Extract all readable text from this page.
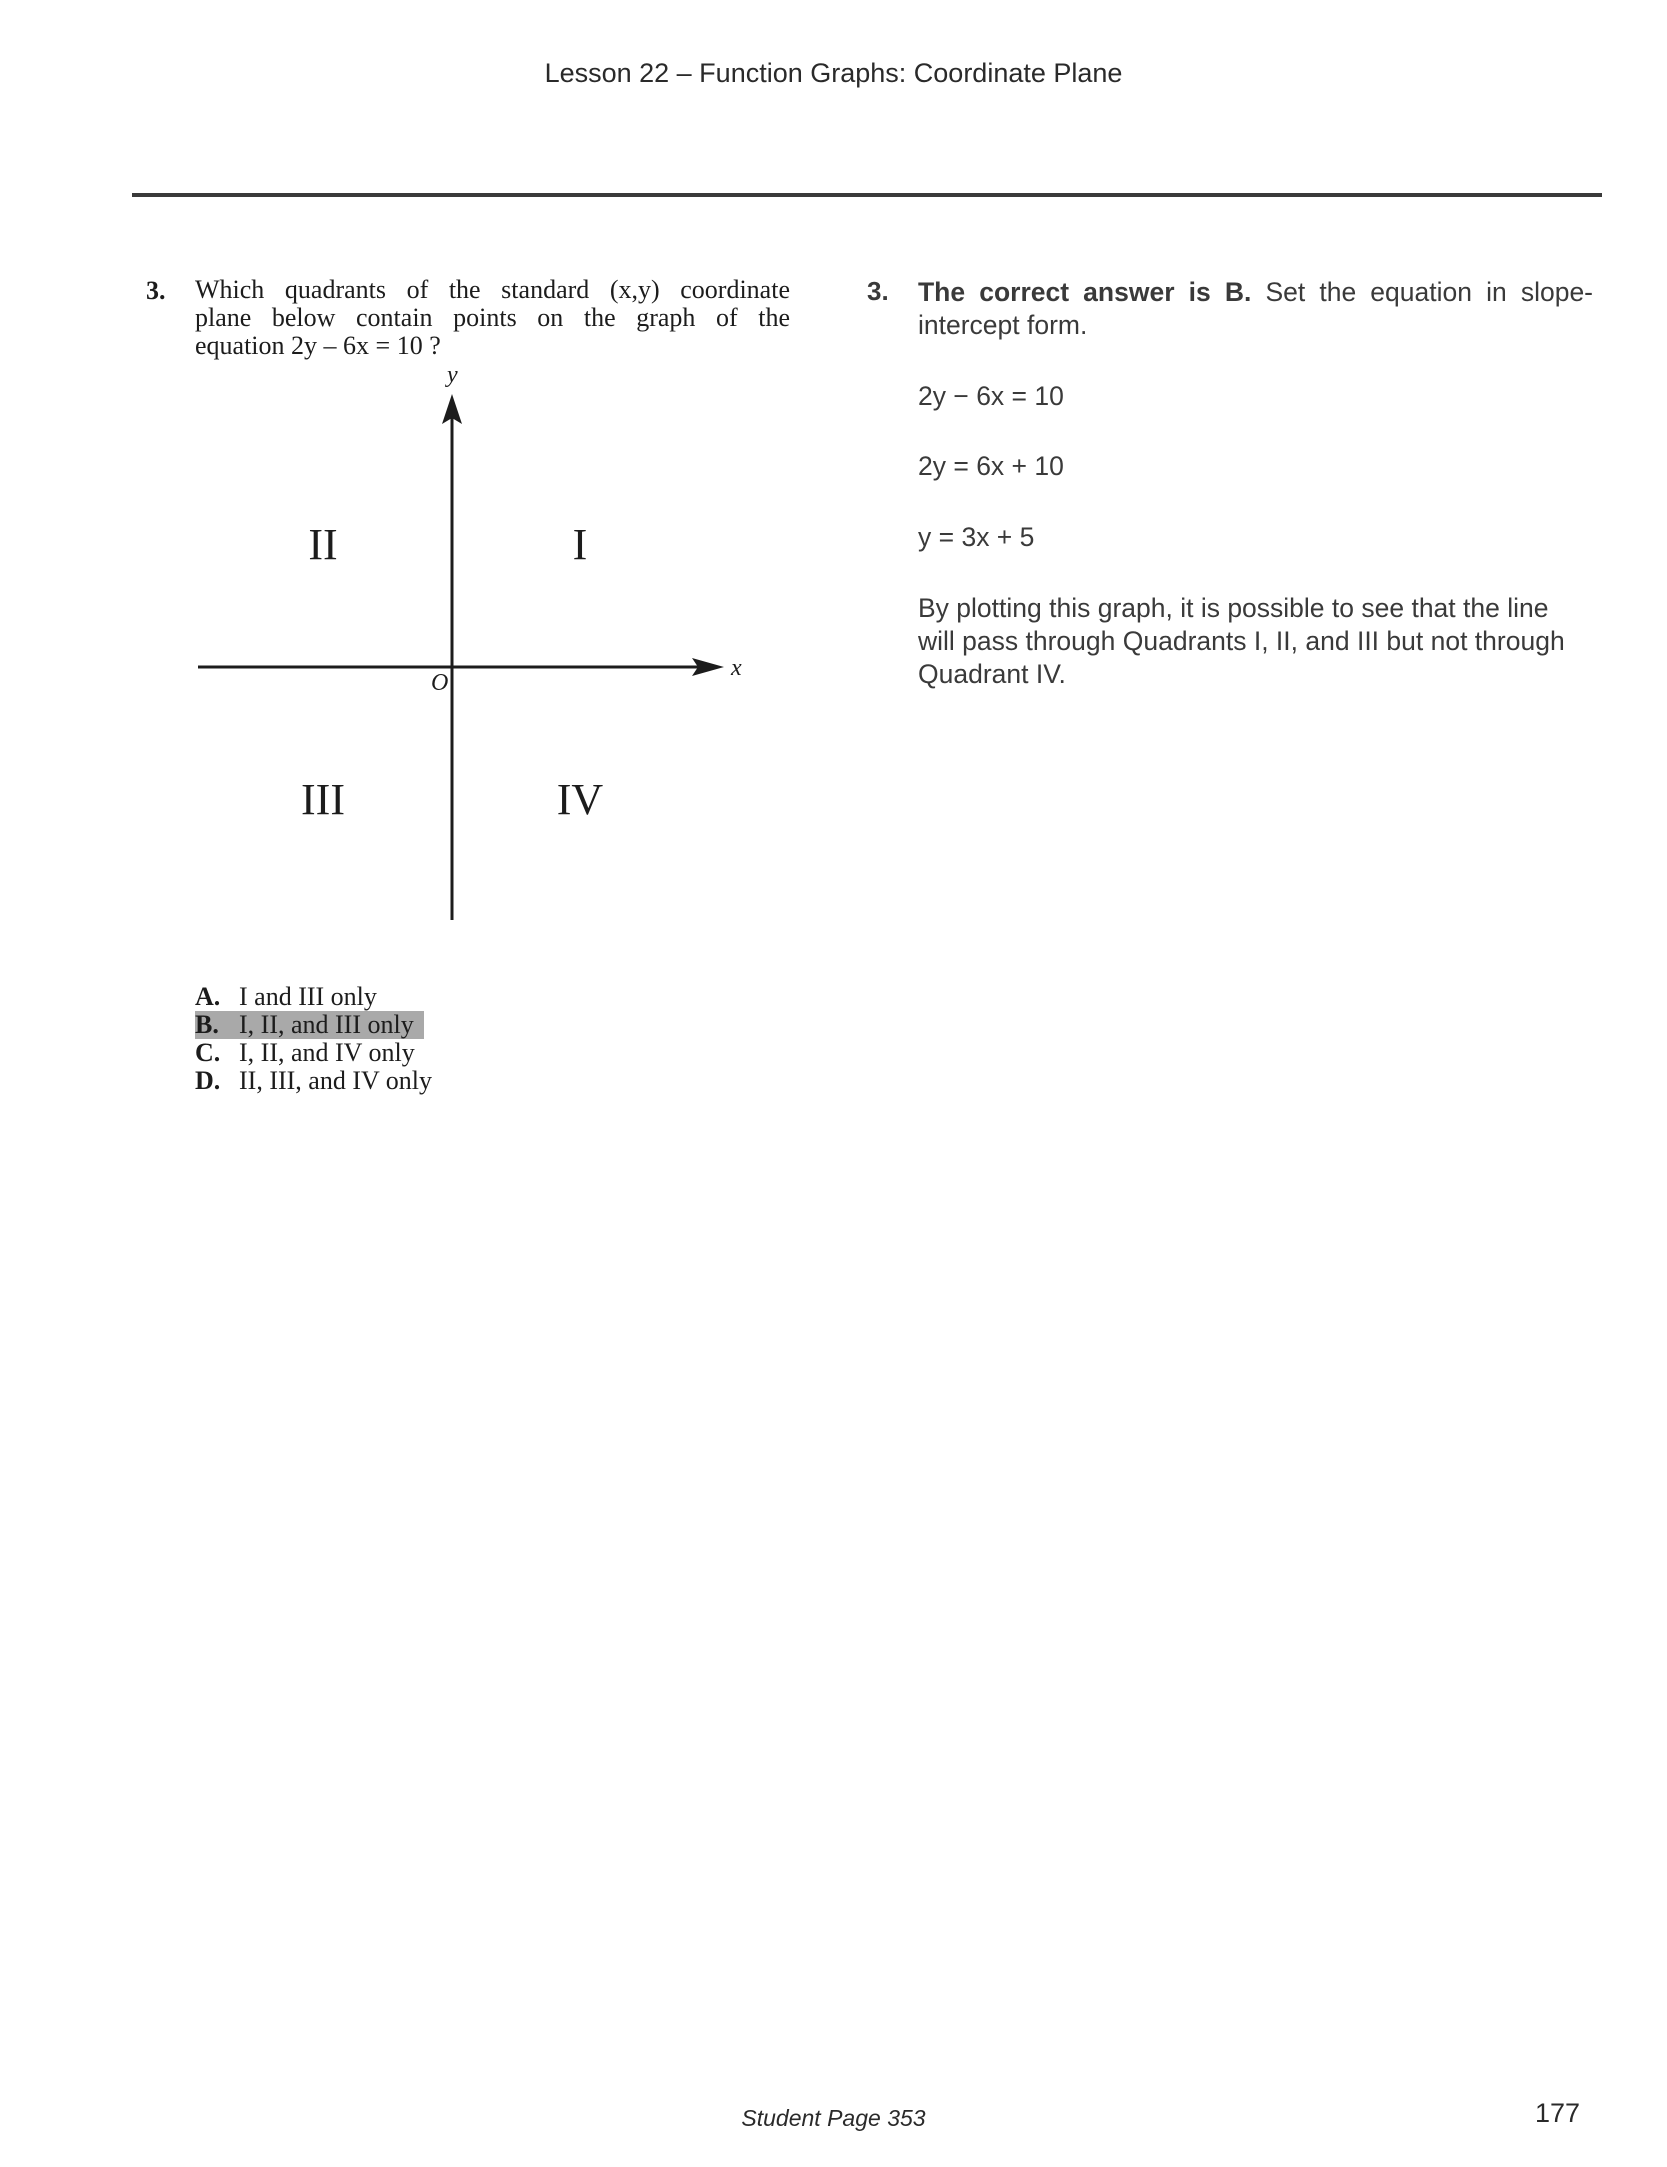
Lesson 22 – Function Graphs: Coordinate Plane
3. Which quadrants of the standard (x,y) coordinate
plane below contain points on the graph of the
equation 2y – 6x = 10 ?
y
x
O
II	I
III	IV
A. I and III only
B. I, II, and III only
C. I, II, and IV only
D. II, III, and IV only
3. The correct answer is B. Set the equation in slope-
intercept form.
2y − 6x = 10
2y = 6x + 10
y = 3x + 5
By plotting this graph, it is possible to see that the line
will pass through Quadrants I, II, and III but not through
Quadrant IV.
Student Page 353	177
